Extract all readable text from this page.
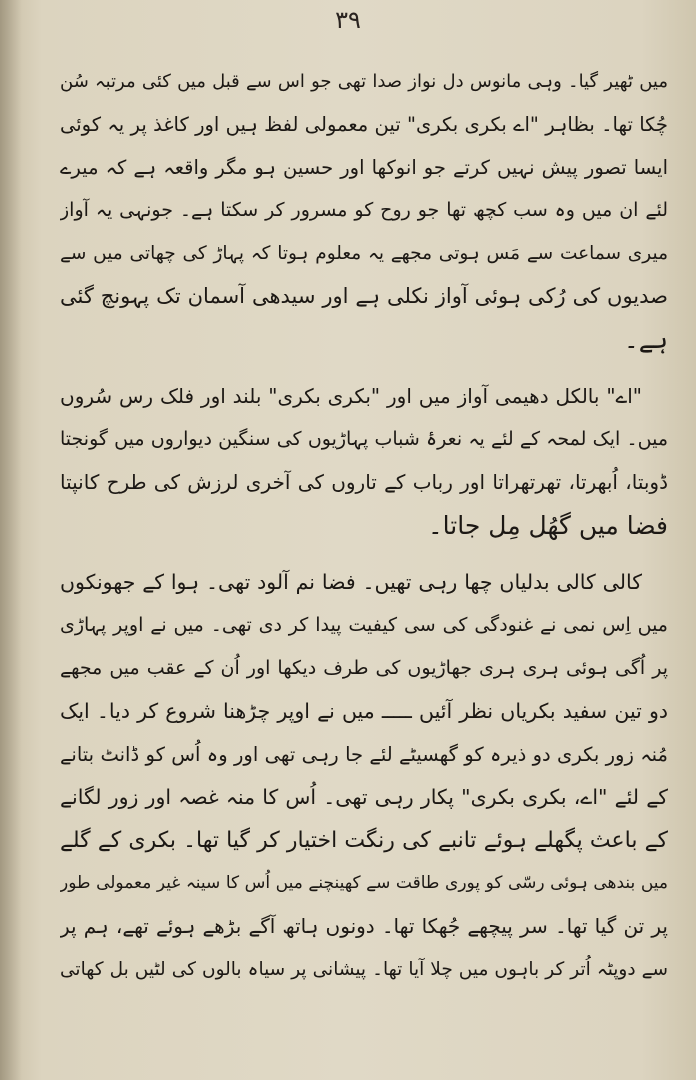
۳۹
میں ٹھیر گیا۔ وہی مانوس دل نواز صدا تھی جو اس سے قبل میں کئی مرتبہ سُن
چُکا تھا۔ بظاہر "اے بکری بکری" تین معمولی لفظ ہیں اور کاغذ پر یہ کوئی
ایسا تصور پیش نہیں کرتے جو انوکھا اور حسین ہو مگر واقعہ ہے کہ میرے
لئے ان میں وہ سب کچھ تھا جو روح کو مسرور کر سکتا ہے۔ جونہی یہ آواز
میری سماعت سے مَس ہوتی مجھے یہ معلوم ہوتا کہ پہاڑ کی چھاتی میں سے
صدیوں کی رُکی ہوئی آواز نکلی ہے اور سیدھی آسمان تک پہونچ گئی
ہے۔
"اے" بالکل دھیمی آواز میں اور "بکری بکری" بلند اور فلک رس سُروں
میں۔ ایک لمحہ کے لئے یہ نعرۂ شباب پہاڑیوں کی سنگین دیواروں میں گونجتا
ڈوبتا، اُبھرتا، تھرتھراتا اور رباب کے تاروں کی آخری لرزش کی طرح کانپتا
فضا میں گھُل مِل جاتا۔
کالی کالی بدلیاں چھا رہی تھیں۔ فضا نم آلود تھی۔ ہوا کے جھونکوں
میں اِس نمی نے غنودگی کی سی کیفیت پیدا کر دی تھی۔ میں نے اوپر پہاڑی
پر اُگی ہوئی ہری ہری جھاڑیوں کی طرف دیکھا اور اُن کے عقب میں مجھے
دو تین سفید بکریاں نظر آئیں ـــــ میں نے اوپر چڑھنا شروع کر دیا۔ ایک
مُنہ زور بکری دو ذیرہ کو گھسیٹے لئے جا رہی تھی اور وہ اُس کو ڈانٹ بتانے
کے لئے "اے، بکری بکری" پکار رہی تھی۔ اُس کا منہ غصہ اور زور لگانے
کے باعث پگھلے ہوئے تانبے کی رنگت اختیار کر گیا تھا۔ بکری کے گلے
میں بندھی ہوئی رسّی کو پوری طاقت سے کھینچنے میں اُس کا سینہ غیر معمولی طور
پر تن گیا تھا۔ سر پیچھے جُھکا تھا۔ دونوں ہاتھ آگے بڑھے ہوئے تھے، ہم پر
سے دوپٹہ اُتر کر باہوں میں چلا آیا تھا۔ پیشانی پر سیاہ بالوں کی لٹیں بل کھاتی
